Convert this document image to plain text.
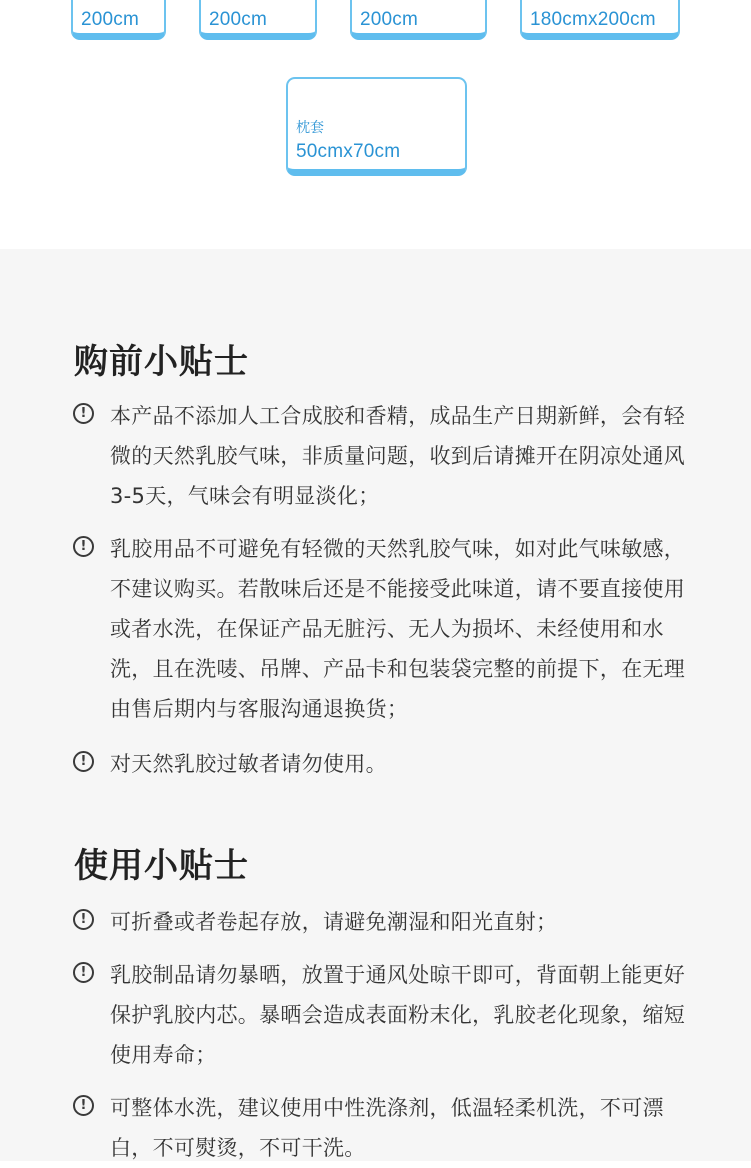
200cm	200cm	200cm	180cmx200cm
枕套
50cmx70cm
购前小贴士
!	本产品不添加人工合成胶和香精，成品生产日期新鲜，会有轻微的天然乳胶气味，非质量问题，收到后请摊开在阴凉处通风3-5天，气味会有明显淡化；
!	乳胶用品不可避免有轻微的天然乳胶气味，如对此气味敏感，不建议购买。若散味后还是不能接受此味道，请不要直接使用或者水洗，在保证产品无脏污、无人为损坏、未经使用和水洗，且在洗唛、吊牌、产品卡和包装袋完整的前提下，在无理由售后期内与客服沟通退换货；
!	对天然乳胶过敏者请勿使用。
使用小贴士
!	可折叠或者卷起存放，请避免潮湿和阳光直射；
!	乳胶制品请勿暴晒，放置于通风处晾干即可，背面朝上能更好保护乳胶内芯。暴晒会造成表面粉末化，乳胶老化现象，缩短使用寿命；
!	可整体水洗，建议使用中性洗涤剂，低温轻柔机洗，不可漂白，不可熨烫，不可干洗。
